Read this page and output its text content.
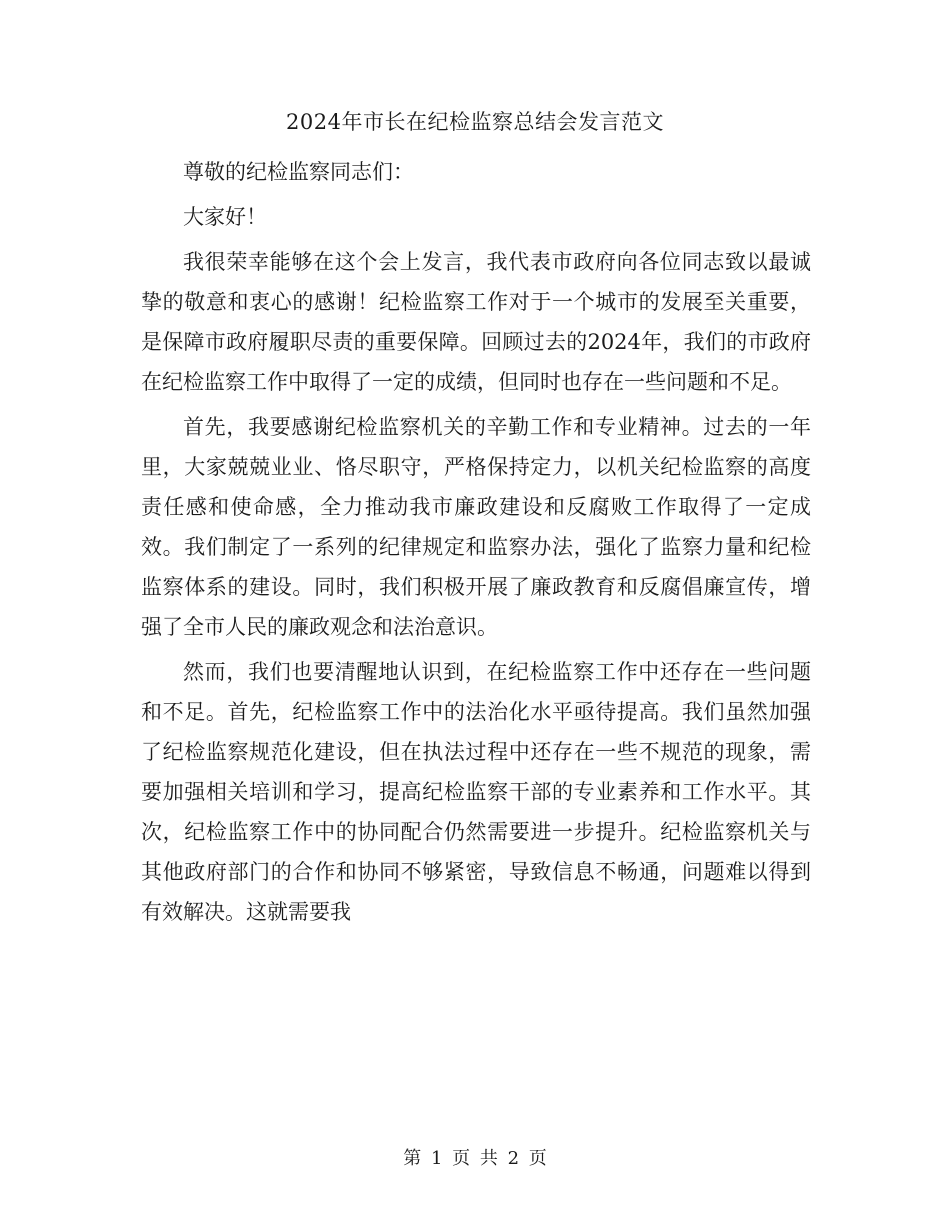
2024年市长在纪检监察总结会发言范文

尊敬的纪检监察同志们：

大家好！

我很荣幸能够在这个会上发言，我代表市政府向各位同志致以最诚挚的敬意和衷心的感谢！纪检监察工作对于一个城市的发展至关重要，是保障市政府履职尽责的重要保障。回顾过去的2024年，我们的市政府在纪检监察工作中取得了一定的成绩，但同时也存在一些问题和不足。

首先，我要感谢纪检监察机关的辛勤工作和专业精神。过去的一年里，大家兢兢业业、恪尽职守，严格保持定力，以机关纪检监察的高度责任感和使命感，全力推动我市廉政建设和反腐败工作取得了一定成效。我们制定了一系列的纪律规定和监察办法，强化了监察力量和纪检监察体系的建设。同时，我们积极开展了廉政教育和反腐倡廉宣传，增强了全市人民的廉政观念和法治意识。

然而，我们也要清醒地认识到，在纪检监察工作中还存在一些问题和不足。首先，纪检监察工作中的法治化水平亟待提高。我们虽然加强了纪检监察规范化建设，但在执法过程中还存在一些不规范的现象，需要加强相关培训和学习，提高纪检监察干部的专业素养和工作水平。其次，纪检监察工作中的协同配合仍然需要进一步提升。纪检监察机关与其他政府部门的合作和协同不够紧密，导致信息不畅通，问题难以得到有效解决。这就需要我

第 1 页 共 2 页
